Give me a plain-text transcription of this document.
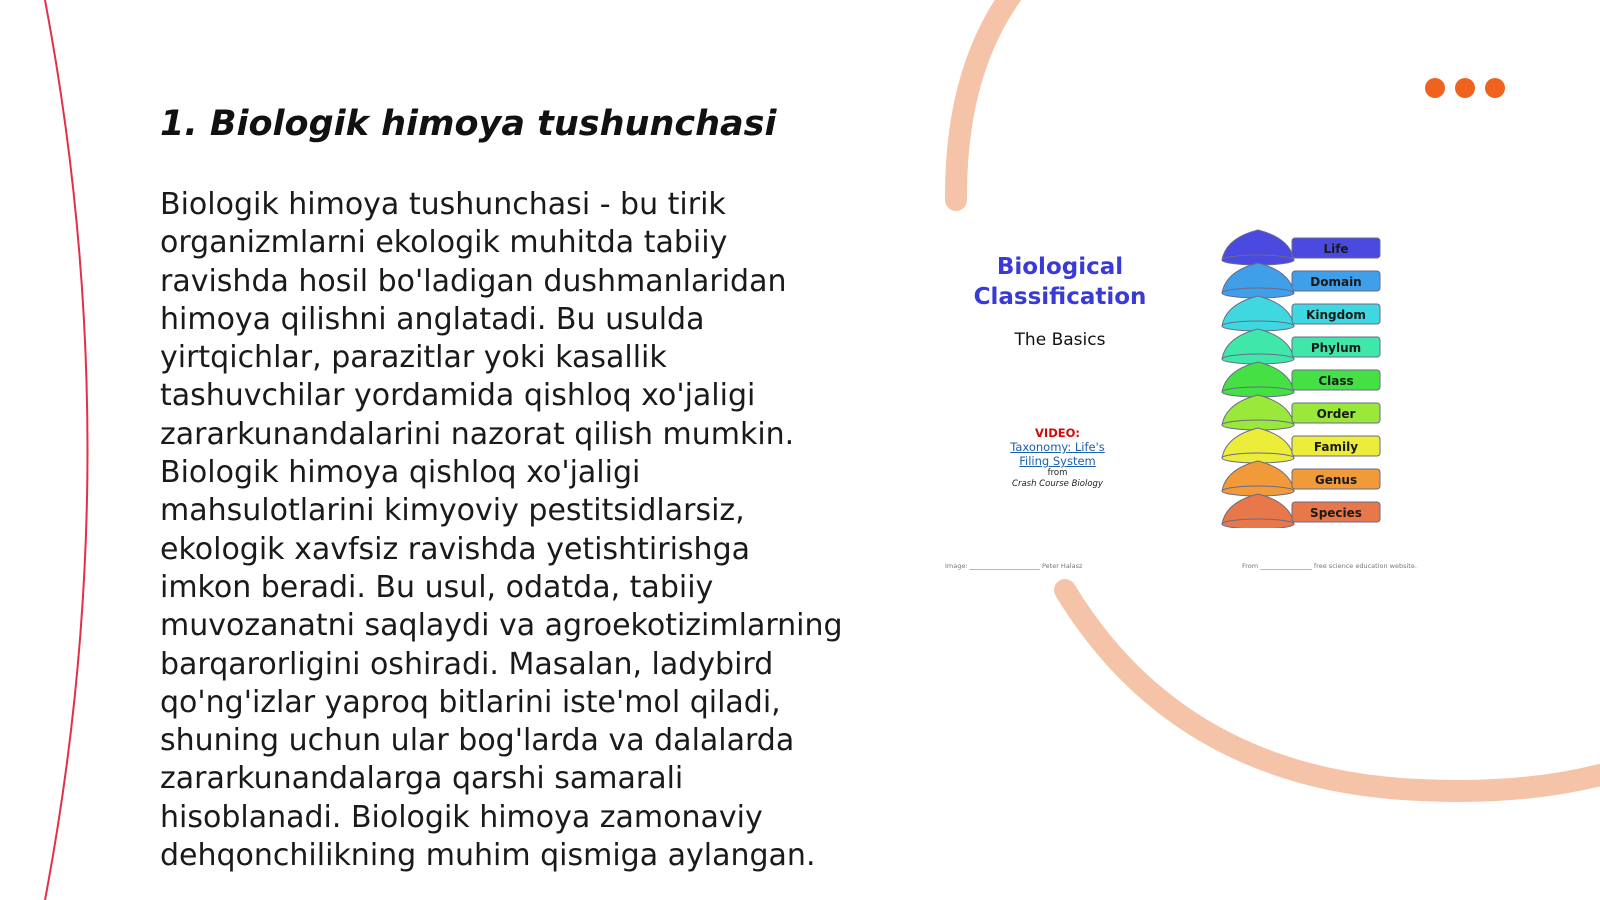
1. Biologik himoya tushunchasi

Biologik himoya tushunchasi - bu tirik organizmlarni ekologik muhitda tabiiy ravishda hosil bo'ladigan dushmanlaridan himoya qilishni anglatadi. Bu usulda yirtqichlar, parazitlar yoki kasallik tashuvchilar yordamida qishloq xo'jaligi zararkunandalarini nazorat qilish mumkin. Biologik himoya qishloq xo'jaligi mahsulotlarini kimyoviy pestitsidlarsiz, ekologik xavfsiz ravishda yetishtirishga imkon beradi. Bu usul, odatda, tabiiy muvozanatni saqlaydi va agroekotizimlarning barqarorligini oshiradi. Masalan, ladybird qo'ng'izlar yaproq bitlarini iste'mol qiladi, shuning uchun ular bog'larda va dalalarda zararkunandalarga qarshi samarali hisoblanadi. Biologik himoya zamonaviy dehqonchilikning muhim qismiga aylangan.

Biological
Classification
The Basics
VIDEO:
Taxonomy: Life's
Filing System
from
Crash Course Biology
Life
Domain
Kingdom
Phylum
Class
Order
Family
Genus
Species
Image:	Peter Halasz	From	free science education website.
